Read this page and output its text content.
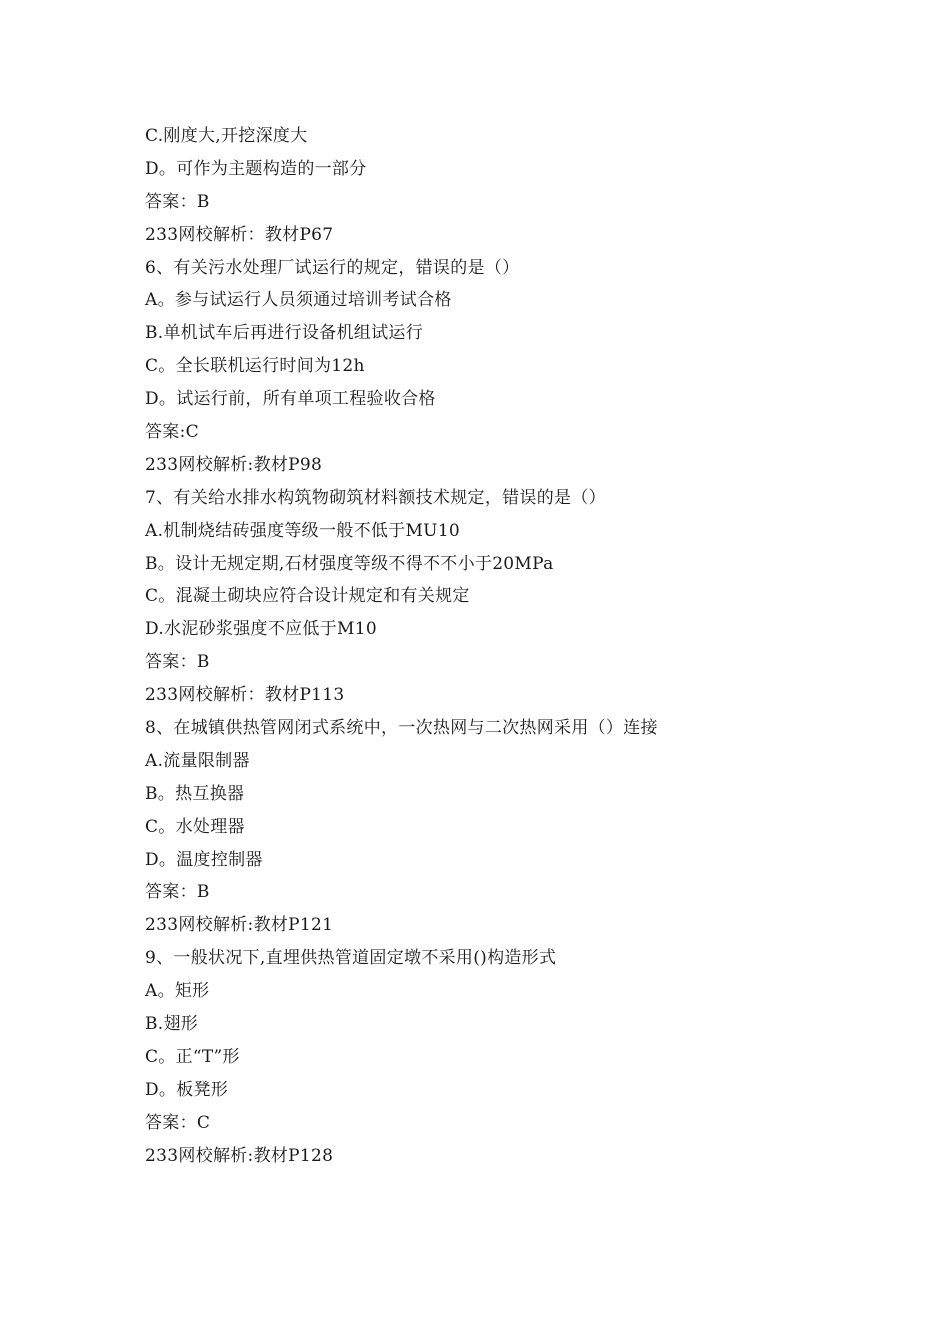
C.刚度大,开挖深度大
D。可作为主题构造的一部分
答案：B
233网校解析：教材P67
6、有关污水处理厂试运行的规定，错误的是（）
A。参与试运行人员须通过培训考试合格
B.单机试车后再进行设备机组试运行
C。全长联机运行时间为12h
D。试运行前，所有单项工程验收合格
答案:C
233网校解析:教材P98
7、有关给水排水构筑物砌筑材料额技术规定，错误的是（）
A.机制烧结砖强度等级一般不低于MU10
B。设计无规定期,石材强度等级不得不不小于20MPa
C。混凝土砌块应符合设计规定和有关规定
D.水泥砂浆强度不应低于M10
答案：B
233网校解析：教材P113
8、在城镇供热管网闭式系统中，一次热网与二次热网采用（）连接
A.流量限制器
B。热互换器
C。水处理器
D。温度控制器
答案：B
233网校解析:教材P121
9、一般状况下,直埋供热管道固定墩不采用()构造形式
A。矩形
B.翅形
C。正“T”形
D。板凳形
答案：C
233网校解析:教材P128
